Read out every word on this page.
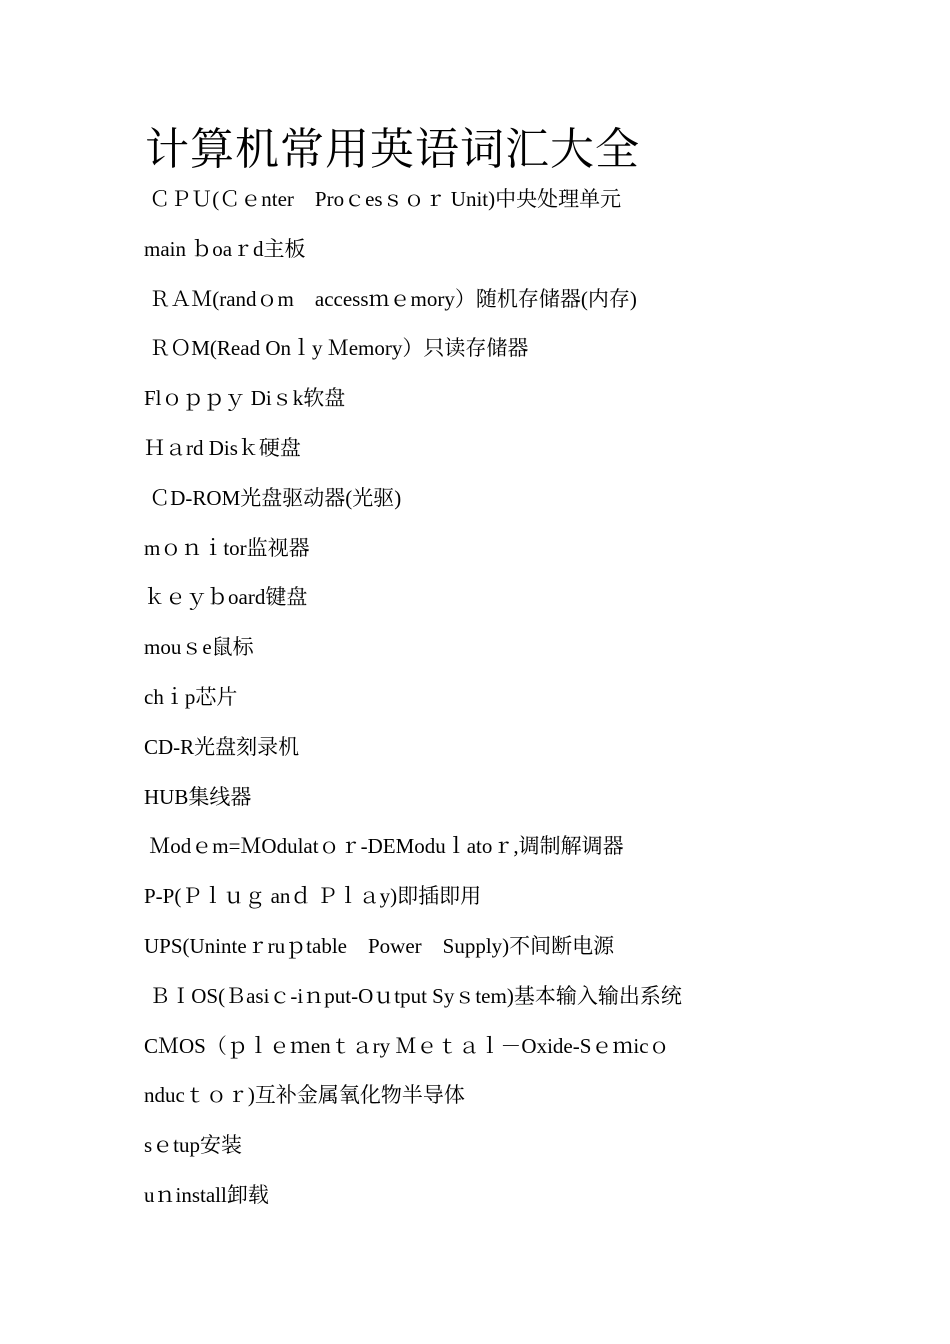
计算机常用英语词汇大全
ＣＰＵ(Ｃｅnter　Proｃesｓｏｒ Unit)中央处理单元
main ｂoaｒd主板
ＲＡＭ(randｏm　accessｍｅmory）随机存储器(内存)
ＲＯM(Read Onｌy Ｍemory）只读存储器
Flｏｐｐｙ Diｓk软盘
Ｈａrd Disｋ硬盘
ＣD-ROM光盘驱动器(光驱)
mｏｎｉtor监视器
ｋｅｙｂoard键盘
mouｓe鼠标
chｉp芯片
CD-R光盘刻录机
HUB集线器
Ｍodｅm=ＭOdulatｏｒ-DEModuｌatoｒ,调制解调器
P-P(Ｐｌｕｇ anｄ Ｐｌａy)即插即用
UPS(Uninteｒruｐtable　Power　Supply)不间断电源
ＢＩOS(Ｂasiｃ-iｎput-Oｕtput Syｓtem)基本输入输出系统
CＭOS（ｐｌｅｍenｔａry Ｍｅｔａｌ－Oxide-Sｅｍicｏ
nducｔｏｒ)互补金属氧化物半导体
sｅtup安装
uｎinstall卸载
